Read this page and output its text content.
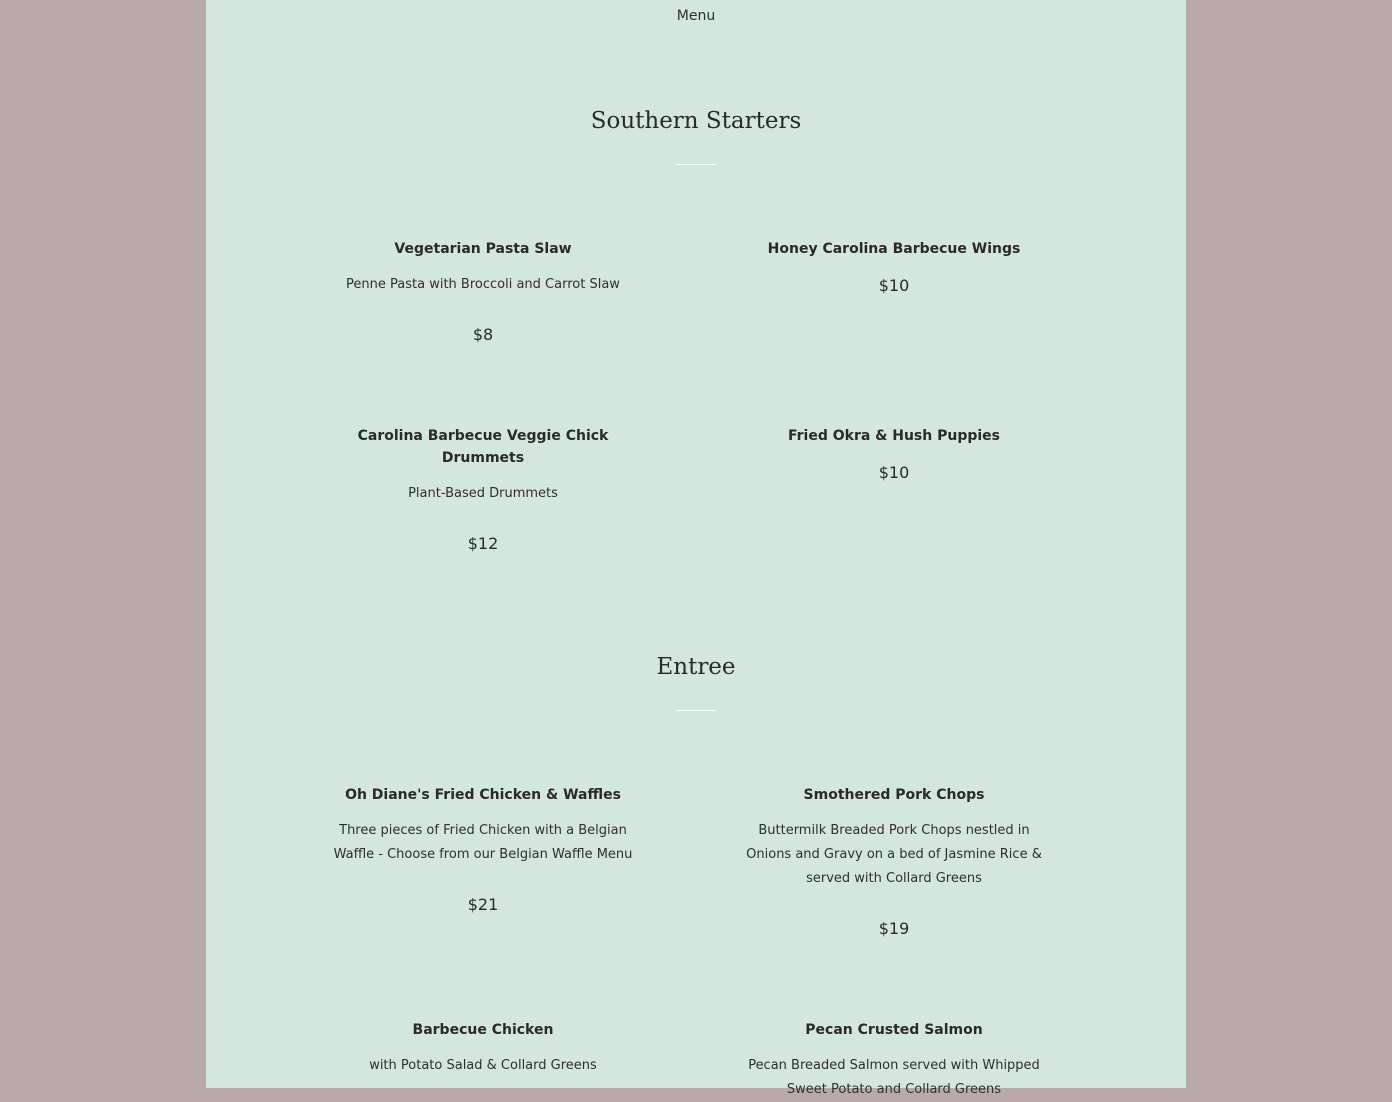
Menu
Southern Starters
Vegetarian Pasta Slaw
Penne Pasta with Broccoli and Carrot Slaw
$8
Honey Carolina Barbecue Wings
$10
Carolina Barbecue Veggie Chick Drummets
Plant-Based Drummets
$12
Fried Okra & Hush Puppies
$10
Entree
Oh Diane's Fried Chicken & Waffles
Three pieces of Fried Chicken with a Belgian Waffle - Choose from our Belgian Waffle Menu
$21
Smothered Pork Chops
Buttermilk Breaded Pork Chops nestled in Onions and Gravy on a bed of Jasmine Rice & served with Collard Greens
$19
Barbecue Chicken
with Potato Salad & Collard Greens
Pecan Crusted Salmon
Pecan Breaded Salmon served with Whipped Sweet Potato and Collard Greens
